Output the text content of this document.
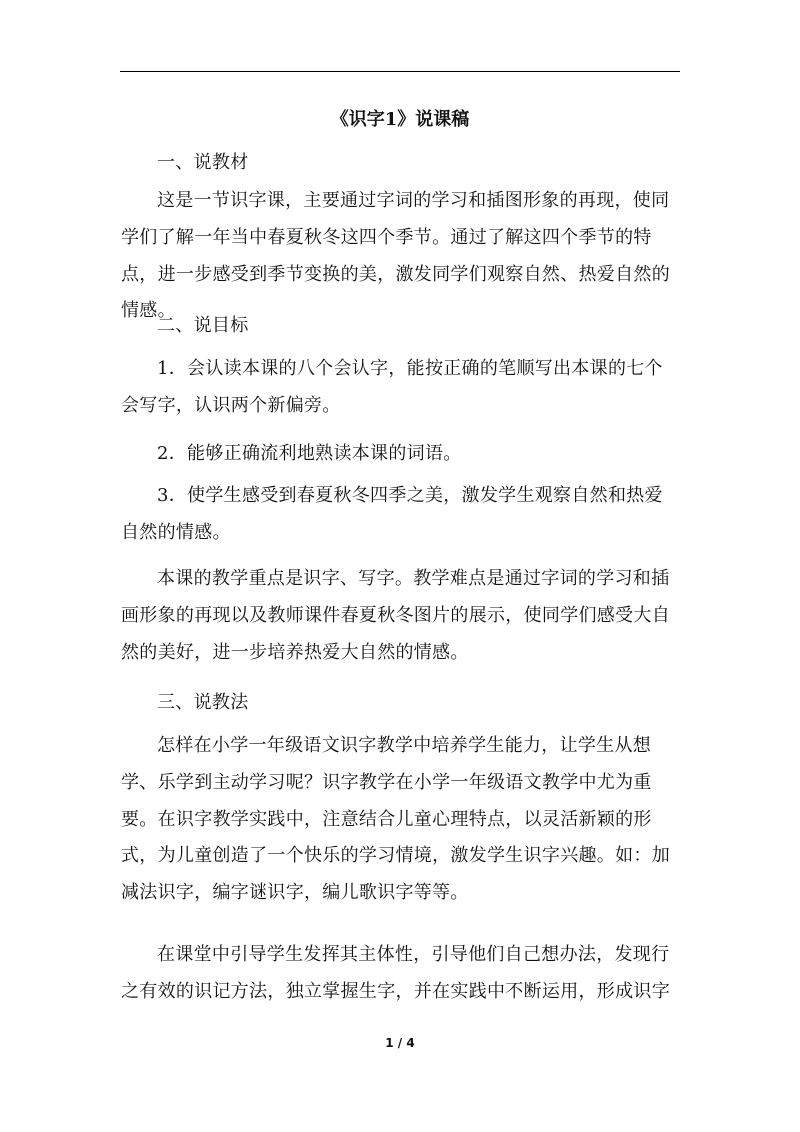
《识字1》说课稿

一、说教材

这是一节识字课，主要通过字词的学习和插图形象的再现，使同学们了解一年当中春夏秋冬这四个季节。通过了解这四个季节的特点，进一步感受到季节变换的美，激发同学们观察自然、热爱自然的情感。

二、说目标

1．会认读本课的八个会认字，能按正确的笔顺写出本课的七个会写字，认识两个新偏旁。

2．能够正确流利地熟读本课的词语。

3．使学生感受到春夏秋冬四季之美，激发学生观察自然和热爱自然的情感。

本课的教学重点是识字、写字。教学难点是通过字词的学习和插画形象的再现以及教师课件春夏秋冬图片的展示，使同学们感受大自然的美好，进一步培养热爱大自然的情感。

三、说教法

怎样在小学一年级语文识字教学中培养学生能力，让学生从想学、乐学到主动学习呢？识字教学在小学一年级语文教学中尤为重要。在识字教学实践中，注意结合儿童心理特点，以灵活新颖的形式，为儿童创造了一个快乐的学习情境，激发学生识字兴趣。如：加减法识字，编字谜识字，编儿歌识字等等。

在课堂中引导学生发挥其主体性，引导他们自己想办法，发现行之有效的识记方法，独立掌握生字，并在实践中不断运用，形成识字

1 / 4
